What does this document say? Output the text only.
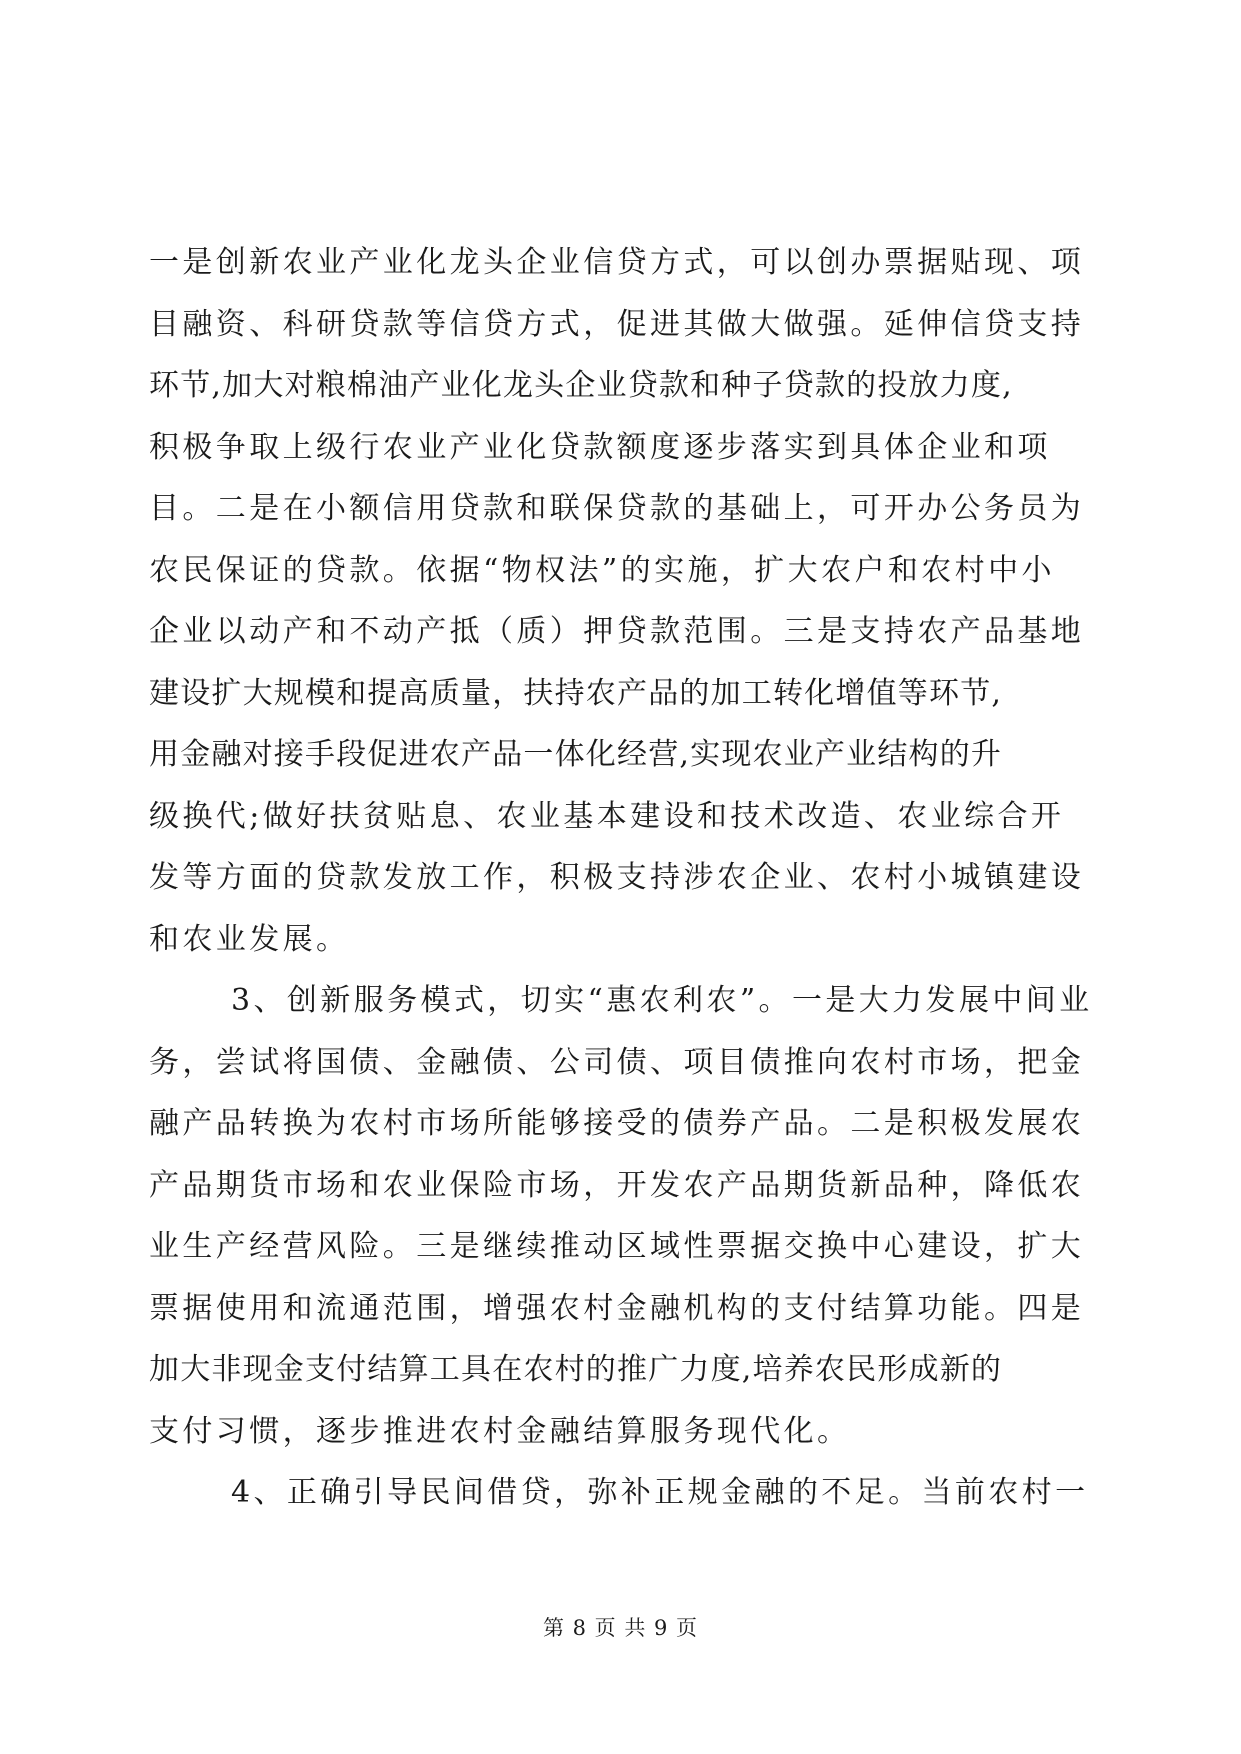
一是创新农业产业化龙头企业信贷方式，可以创办票据贴现、项
目融资、科研贷款等信贷方式，促进其做大做强。延伸信贷支持
环节,加大对粮棉油产业化龙头企业贷款和种子贷款的投放力度,
积极争取上级行农业产业化贷款额度逐步落实到具体企业和项
目。二是在小额信用贷款和联保贷款的基础上，可开办公务员为
农民保证的贷款。依据“物权法”的实施，扩大农户和农村中小
企业以动产和不动产抵（质）押贷款范围。三是支持农产品基地
建设扩大规模和提高质量，扶持农产品的加工转化增值等环节,
用金融对接手段促进农产品一体化经营,实现农业产业结构的升
级换代;做好扶贫贴息、农业基本建设和技术改造、农业综合开
发等方面的贷款发放工作，积极支持涉农企业、农村小城镇建设
和农业发展。
3、创新服务模式，切实“惠农利农”。一是大力发展中间业
务，尝试将国债、金融债、公司债、项目债推向农村市场，把金
融产品转换为农村市场所能够接受的债券产品。二是积极发展农
产品期货市场和农业保险市场，开发农产品期货新品种，降低农
业生产经营风险。三是继续推动区域性票据交换中心建设，扩大
票据使用和流通范围，增强农村金融机构的支付结算功能。四是
加大非现金支付结算工具在农村的推广力度,培养农民形成新的
支付习惯，逐步推进农村金融结算服务现代化。
4、正确引导民间借贷，弥补正规金融的不足。当前农村一
第 8 页 共 9 页
